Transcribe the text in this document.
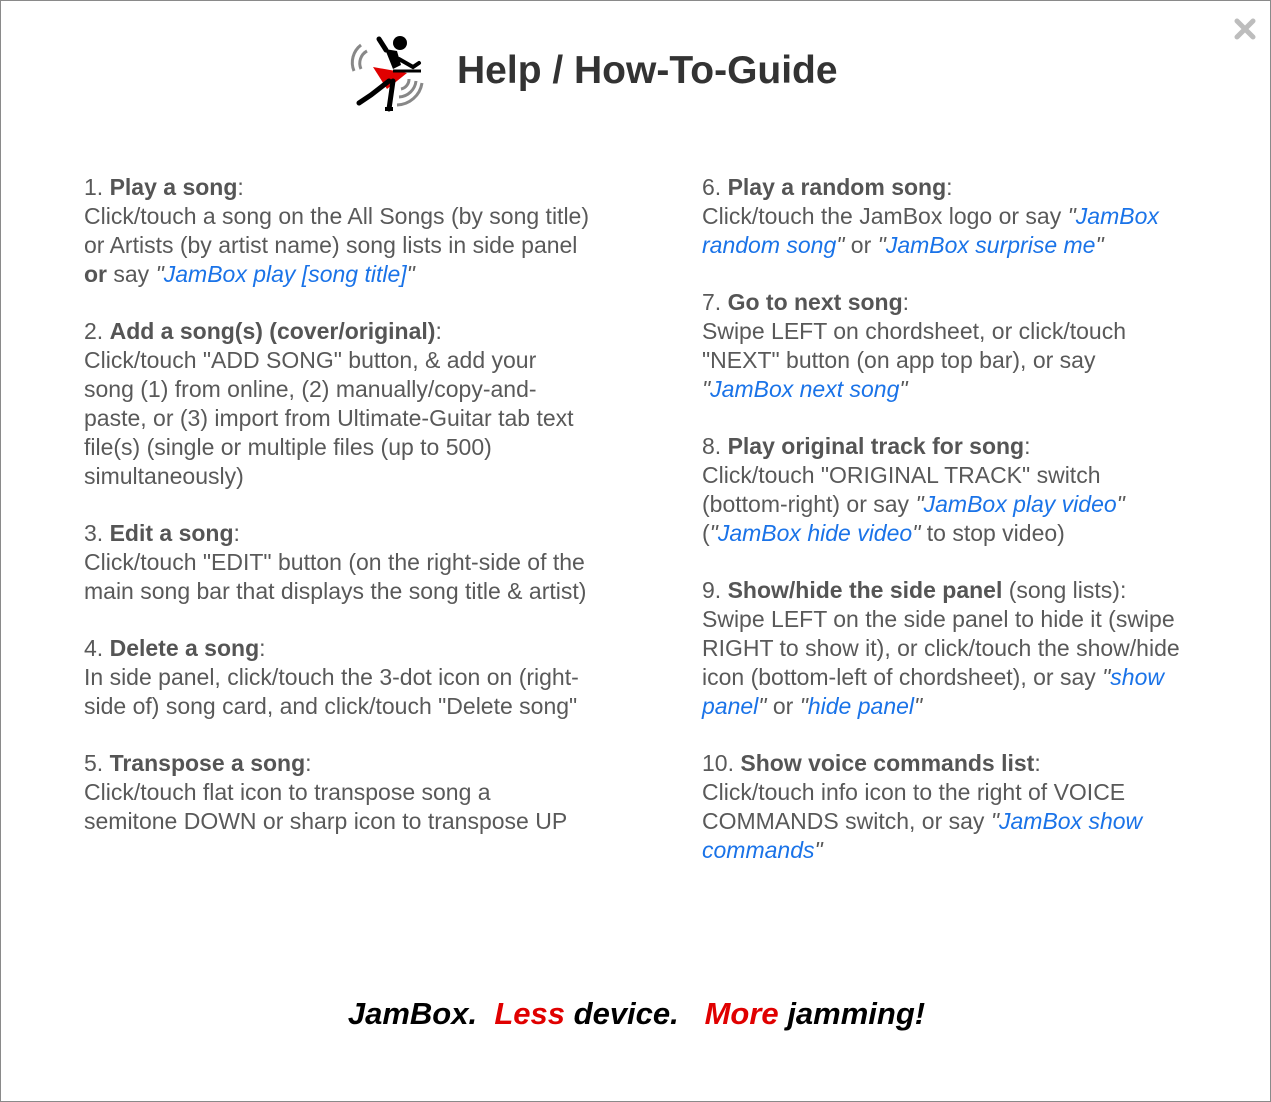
Help / How-To-Guide
1. Play a song:
Click/touch a song on the All Songs (by song title) or Artists (by artist name) song lists in side panel or say "JamBox play [song title]"
2. Add a song(s) (cover/original):
Click/touch "ADD SONG" button, & add your song (1) from online, (2) manually/copy-and-paste, or (3) import from Ultimate-Guitar tab text file(s) (single or multiple files (up to 500) simultaneously)
3. Edit a song:
Click/touch "EDIT" button (on the right-side of the main song bar that displays the song title & artist)
4. Delete a song:
In side panel, click/touch the 3-dot icon on (right-side of) song card, and click/touch "Delete song"
5. Transpose a song:
Click/touch flat icon to transpose song a semitone DOWN or sharp icon to transpose UP
6. Play a random song:
Click/touch the JamBox logo or say "JamBox random song" or "JamBox surprise me"
7. Go to next song:
Swipe LEFT on chordsheet, or click/touch "NEXT" button (on app top bar), or say "JamBox next song"
8. Play original track for song:
Click/touch "ORIGINAL TRACK" switch (bottom-right) or say "JamBox play video" ("JamBox hide video" to stop video)
9. Show/hide the side panel (song lists):
Swipe LEFT on the side panel to hide it (swipe RIGHT to show it), or click/touch the show/hide icon (bottom-left of chordsheet), or say "show panel" or "hide panel"
10. Show voice commands list:
Click/touch info icon to the right of VOICE COMMANDS switch, or say "JamBox show commands"
JamBox. Less device. More jamming!
